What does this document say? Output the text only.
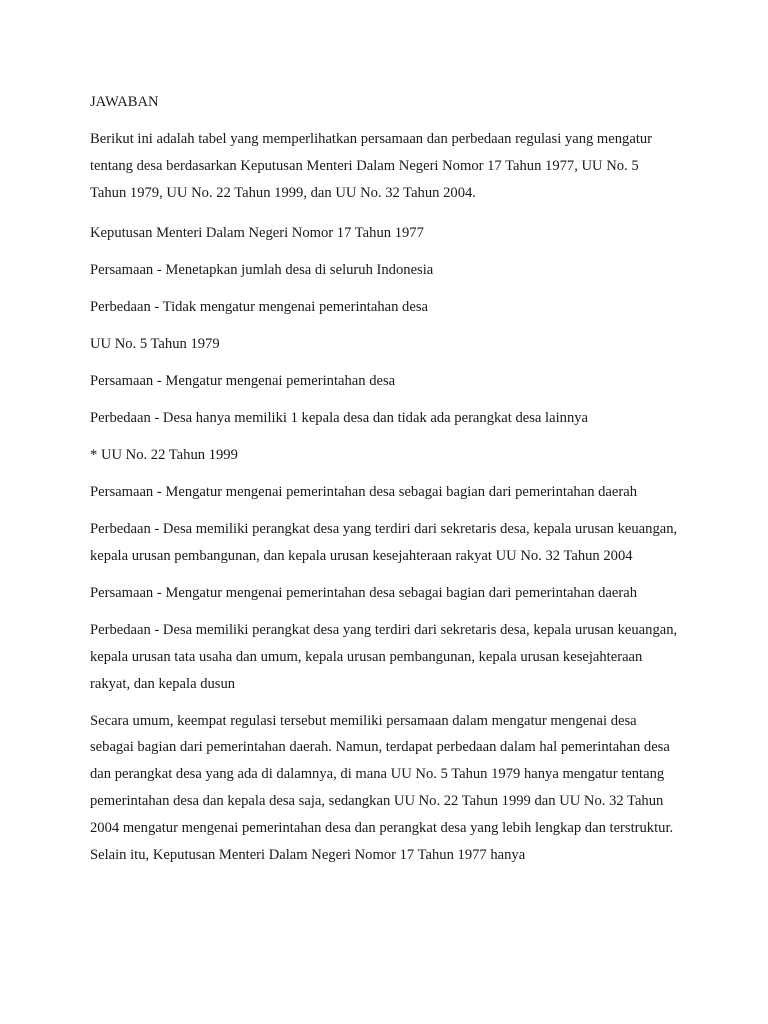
JAWABAN

Berikut ini adalah tabel yang memperlihatkan persamaan dan perbedaan regulasi yang mengatur tentang desa berdasarkan Keputusan Menteri Dalam Negeri Nomor 17 Tahun 1977, UU No. 5

Tahun 1979, UU No. 22 Tahun 1999, dan UU No. 32 Tahun 2004.

Keputusan Menteri Dalam Negeri Nomor 17 Tahun 1977

Persamaan - Menetapkan jumlah desa di seluruh Indonesia

Perbedaan - Tidak mengatur mengenai pemerintahan desa

UU No. 5 Tahun 1979

Persamaan - Mengatur mengenai pemerintahan desa

Perbedaan - Desa hanya memiliki 1 kepala desa dan tidak ada perangkat desa lainnya

* UU No. 22 Tahun 1999

Persamaan - Mengatur mengenai pemerintahan desa sebagai bagian dari pemerintahan daerah

Perbedaan - Desa memiliki perangkat desa yang terdiri dari sekretaris desa, kepala urusan keuangan, kepala urusan pembangunan, dan kepala urusan kesejahteraan rakyat UU No. 32 Tahun 2004

Persamaan - Mengatur mengenai pemerintahan desa sebagai bagian dari pemerintahan daerah

Perbedaan - Desa memiliki perangkat desa yang terdiri dari sekretaris desa, kepala urusan keuangan, kepala urusan tata usaha dan umum, kepala urusan pembangunan, kepala urusan kesejahteraan rakyat, dan kepala dusun

Secara umum, keempat regulasi tersebut memiliki persamaan dalam mengatur mengenai desa sebagai bagian dari pemerintahan daerah. Namun, terdapat perbedaan dalam hal pemerintahan desa dan perangkat desa yang ada di dalamnya, di mana UU No. 5 Tahun 1979 hanya mengatur tentang pemerintahan desa dan kepala desa saja, sedangkan UU No. 22 Tahun 1999 dan UU No. 32 Tahun 2004 mengatur mengenai pemerintahan desa dan perangkat desa yang lebih lengkap dan terstruktur. Selain itu, Keputusan Menteri Dalam Negeri Nomor 17 Tahun 1977 hanya
